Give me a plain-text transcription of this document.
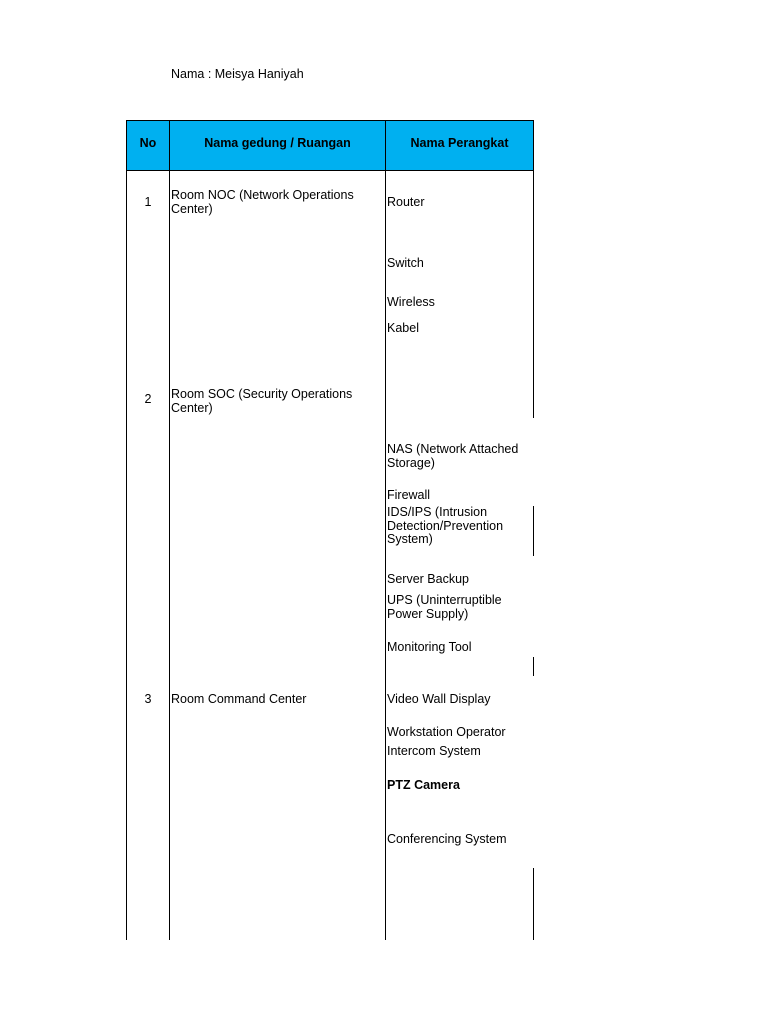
Nama : Meisya Haniyah
No	Nama gedung / Ruangan	Nama Perangkat
1	Room NOC (Network Operations Center)	Router
Switch
Wireless
Kabel
2	Room SOC (Security Operations Center)
NAS (Network Attached Storage)
Firewall
IDS/IPS (Intrusion Detection/Prevention System)
Server Backup
UPS (Uninterruptible Power Supply)
Monitoring Tool
3	Room Command Center	Video Wall Display
Workstation Operator
Intercom System
PTZ Camera
Conferencing System
